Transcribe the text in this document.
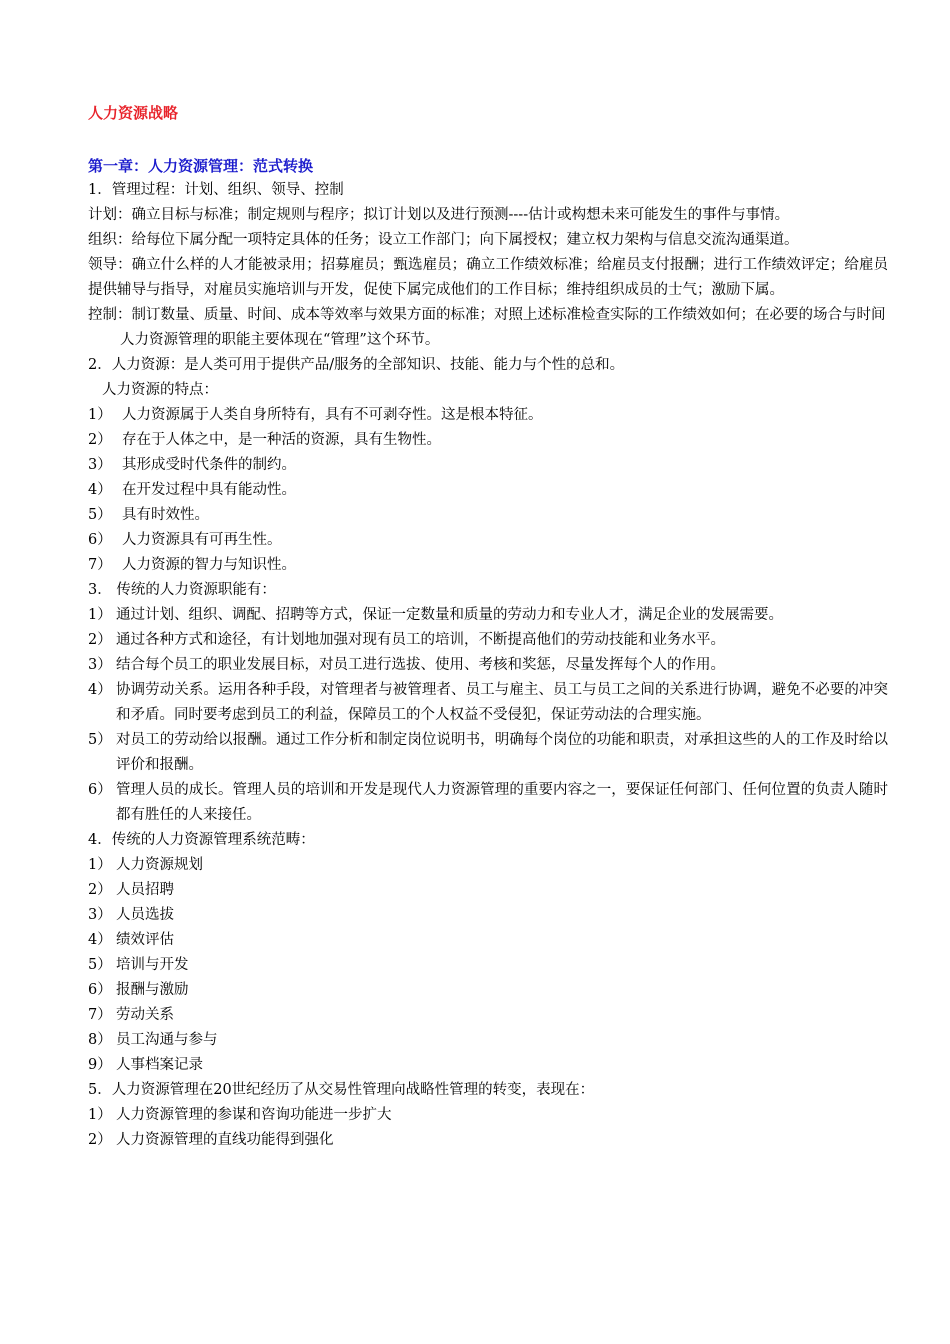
人力资源战略

第一章：人力资源管理：范式转换

1．管理过程：计划、组织、领导、控制

计划：确立目标与标准；制定规则与程序；拟订计划以及进行预测----估计或构想未来可能发生的事件与事情。

组织：给每位下属分配一项特定具体的任务；设立工作部门；向下属授权；建立权力架构与信息交流沟通渠道。

领导：确立什么样的人才能被录用；招募雇员；甄选雇员；确立工作绩效标准；给雇员支付报酬；进行工作绩效评定；给雇员提供辅导与指导，对雇员实施培训与开发，促使下属完成他们的工作目标；维持组织成员的士气；激励下属。

控制：制订数量、质量、时间、成本等效率与效果方面的标准；对照上述标准检查实际的工作绩效如何；在必要的场合与时间

人力资源管理的职能主要体现在“管理”这个环节。

2．人力资源：是人类可用于提供产品/服务的全部知识、技能、能力与个性的总和。

人力资源的特点：

1） 人力资源属于人类自身所特有，具有不可剥夺性。这是根本特征。
2） 存在于人体之中，是一种活的资源，具有生物性。
3） 其形成受时代条件的制约。
4） 在开发过程中具有能动性。
5） 具有时效性。
6） 人力资源具有可再生性。
7） 人力资源的智力与知识性。

3． 传统的人力资源职能有：

1） 通过计划、组织、调配、招聘等方式，保证一定数量和质量的劳动力和专业人才，满足企业的发展需要。
2） 通过各种方式和途径，有计划地加强对现有员工的培训，不断提高他们的劳动技能和业务水平。
3） 结合每个员工的职业发展目标，对员工进行选拔、使用、考核和奖惩，尽量发挥每个人的作用。
4） 协调劳动关系。运用各种手段，对管理者与被管理者、员工与雇主、员工与员工之间的关系进行协调，避免不必要的冲突和矛盾。同时要考虑到员工的利益，保障员工的个人权益不受侵犯，保证劳动法的合理实施。
5） 对员工的劳动给以报酬。通过工作分析和制定岗位说明书，明确每个岗位的功能和职责，对承担这些的人的工作及时给以评价和报酬。
6） 管理人员的成长。管理人员的培训和开发是现代人力资源管理的重要内容之一，要保证任何部门、任何位置的负责人随时都有胜任的人来接任。

4．传统的人力资源管理系统范畴：

1） 人力资源规划
2） 人员招聘
3） 人员选拔
4） 绩效评估
5） 培训与开发
6） 报酬与激励
7） 劳动关系
8） 员工沟通与参与
9） 人事档案记录

5．人力资源管理在20世纪经历了从交易性管理向战略性管理的转变，表现在：

1） 人力资源管理的参谋和咨询功能进一步扩大
2） 人力资源管理的直线功能得到强化
